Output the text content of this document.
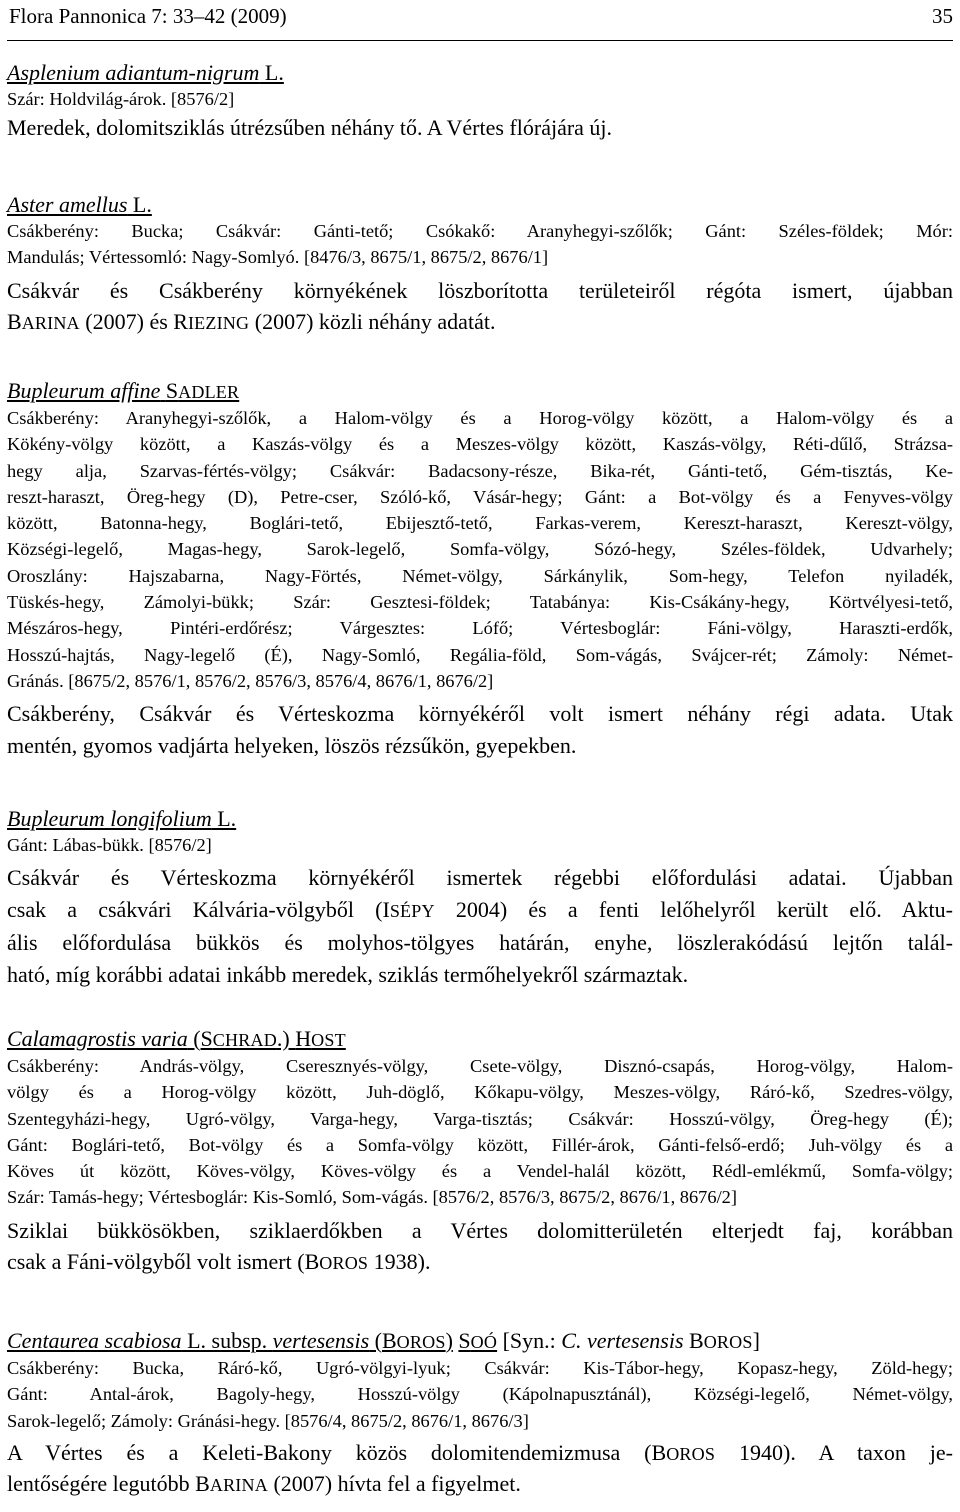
Flora Pannonica 7: 33–42 (2009)	35

Asplenium adiantum-nigrum L.

Szár: Holdvilág-árok. [8576/2]

Meredek, dolomitsziklás útrézsűben néhány tő. A Vértes flórájára új.

Aster amellus L.

Csákberény: Bucka; Csákvár: Gánti-tető; Csókakő: Aranyhegyi-szőlők; Gánt: Széles-földek; Mór:
Mandulás; Vértessomló: Nagy-Somlyó. [8476/3, 8675/1, 8675/2, 8676/1]

Csákvár és Csákberény környékének löszborította területeiről régóta ismert, újabban
BARINA (2007) és RIEZING (2007) közli néhány adatát.

Bupleurum affine SADLER

Csákberény: Aranyhegyi-szőlők, a Halom-völgy és a Horog-völgy között, a Halom-völgy és a
Kökény-völgy között, a Kaszás-völgy és a Meszes-völgy között, Kaszás-völgy, Réti-dűlő, Strázsa-
hegy alja, Szarvas-fértés-völgy; Csákvár: Badacsony-része, Bika-rét, Gánti-tető, Gém-tisztás, Ke-
reszt-haraszt, Öreg-hegy (D), Petre-cser, Szóló-kő, Vásár-hegy; Gánt: a Bot-völgy és a Fenyves-völgy
között, Batonna-hegy, Boglári-tető, Ebijesztő-tető, Farkas-verem, Kereszt-haraszt, Kereszt-völgy,
Községi-legelő, Magas-hegy, Sarok-legelő, Somfa-völgy, Sózó-hegy, Széles-földek, Udvarhely;
Oroszlány: Hajszabarna, Nagy-Förtés, Német-völgy, Sárkánylik, Som-hegy, Telefon nyiladék,
Tüskés-hegy, Zámolyi-bükk; Szár: Gesztesi-földek; Tatabánya: Kis-Csákány-hegy, Körtvélyesi-tető,
Mészáros-hegy, Pintéri-erdőrész; Várgesztes: Lófő; Vértesboglár: Fáni-völgy, Haraszti-erdők,
Hosszú-hajtás, Nagy-legelő (É), Nagy-Somló, Regália-föld, Som-vágás, Svájcer-rét; Zámoly: Német-
Gránás. [8675/2, 8576/1, 8576/2, 8576/3, 8576/4, 8676/1, 8676/2]

Csákberény, Csákvár és Vérteskozma környékéről volt ismert néhány régi adata. Utak
mentén, gyomos vadjárta helyeken, löszös rézsűkön, gyepekben.

Bupleurum longifolium L.

Gánt: Lábas-bükk. [8576/2]

Csákvár és Vérteskozma környékéről ismertek régebbi előfordulási adatai. Újabban
csak a csákvári Kálvária-völgyből (ISÉPY 2004) és a fenti lelőhelyről került elő. Aktu-
ális előfordulása bükkös és molyhos-tölgyes határán, enyhe, löszlerakódású lejtőn talál-
ható, míg korábbi adatai inkább meredek, sziklás termőhelyekről származtak.

Calamagrostis varia (SCHRAD.) HOST

Csákberény: András-völgy, Cseresznyés-völgy, Csete-völgy, Disznó-csapás, Horog-völgy, Halom-
völgy és a Horog-völgy között, Juh-döglő, Kőkapu-völgy, Meszes-völgy, Ráró-kő, Szedres-völgy,
Szentegyházi-hegy, Ugró-völgy, Varga-hegy, Varga-tisztás; Csákvár: Hosszú-völgy, Öreg-hegy (É);
Gánt: Boglári-tető, Bot-völgy és a Somfa-völgy között, Fillér-árok, Gánti-felső-erdő; Juh-völgy és a
Köves út között, Köves-völgy, Köves-völgy és a Vendel-halál között, Rédl-emlékmű, Somfa-völgy;
Szár: Tamás-hegy; Vértesboglár: Kis-Somló, Som-vágás. [8576/2, 8576/3, 8675/2, 8676/1, 8676/2]

Sziklai bükkösökben, sziklaerdőkben a Vértes dolomitterületén elterjedt faj, korábban
csak a Fáni-völgyből volt ismert (BOROS 1938).

Centaurea scabiosa L. subsp. vertesensis (BOROS) SOÓ [Syn.: C. vertesensis BOROS]

Csákberény: Bucka, Ráró-kő, Ugró-völgyi-lyuk; Csákvár: Kis-Tábor-hegy, Kopasz-hegy, Zöld-hegy;
Gánt: Antal-árok, Bagoly-hegy, Hosszú-völgy (Kápolnapusztánál), Községi-legelő, Német-völgy,
Sarok-legelő; Zámoly: Gránási-hegy. [8576/4, 8675/2, 8676/1, 8676/3]

A Vértes és a Keleti-Bakony közös dolomitendemizmusa (BOROS 1940). A taxon je-
lentőségére legutóbb BARINA (2007) hívta fel a figyelmet.
